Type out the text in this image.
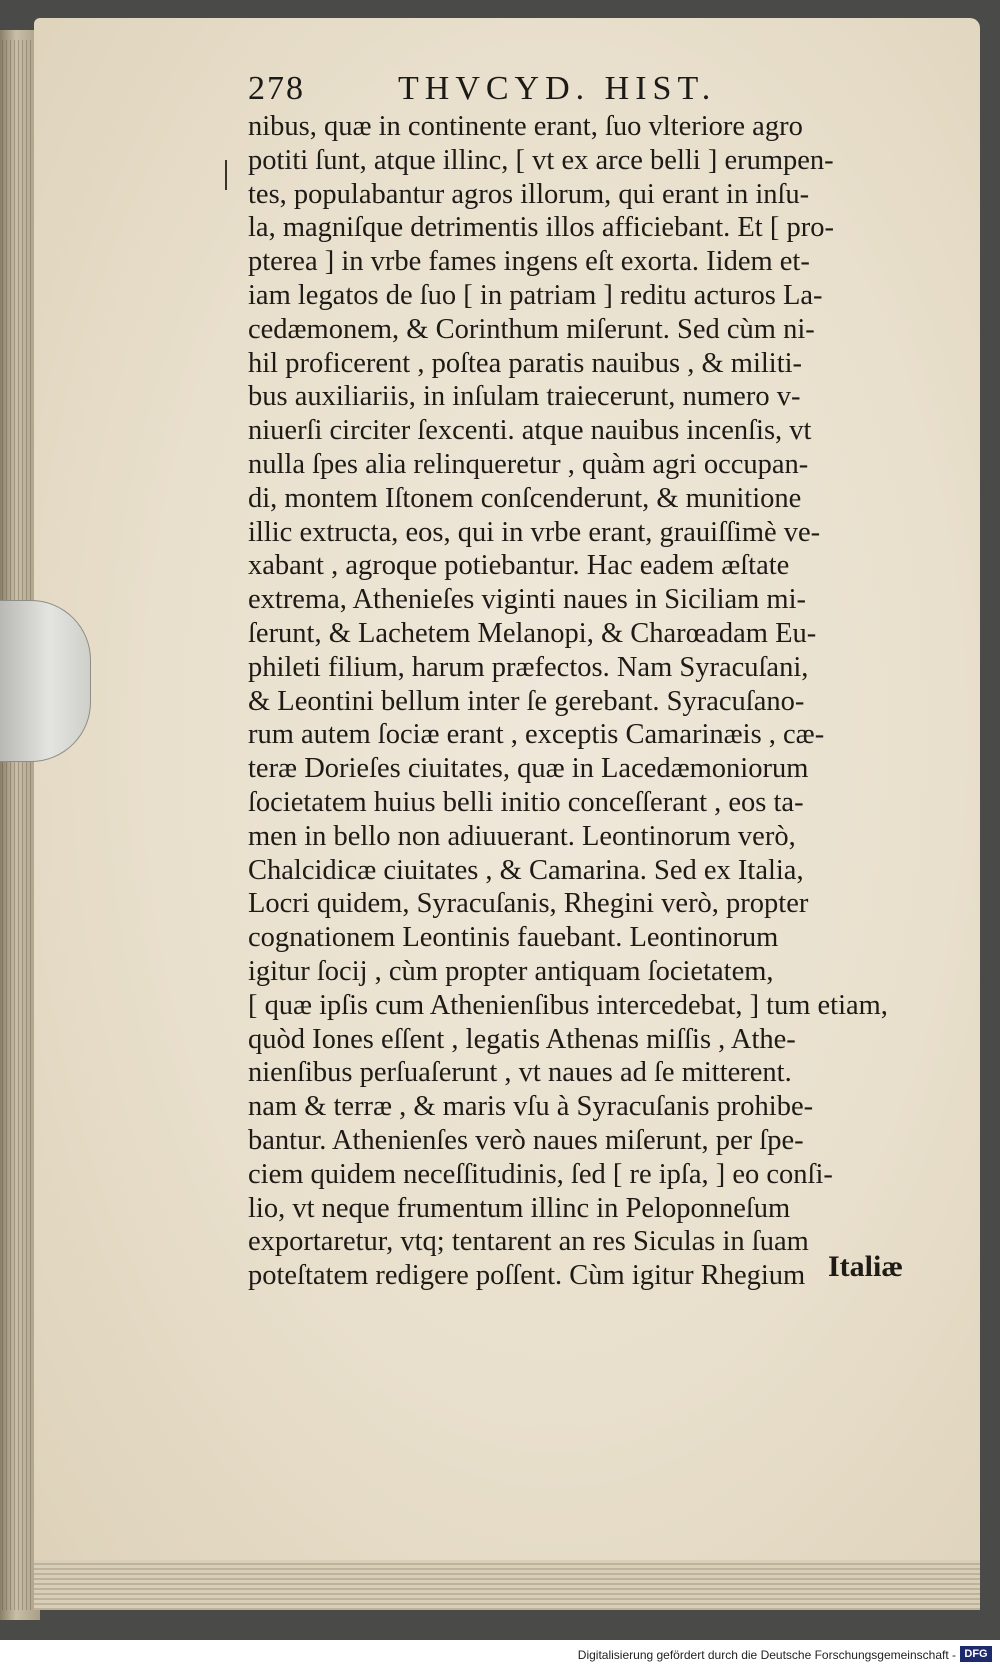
278	THVCYD. HIST.
nibus, quæ in continente erant, ſuo vlteriore agro
potiti ſunt, atque illinc, [ vt ex arce belli ] erumpen-
tes, populabantur agros illorum, qui erant in inſu-
la, magniſque detrimentis illos afficiebant. Et [ pro-
pterea ] in vrbe fames ingens eſt exorta. Iidem et-
iam legatos de ſuo [ in patriam ] reditu acturos La-
cedæmonem, & Corinthum miſerunt. Sed cùm ni-
hil proficerent , poſtea paratis nauibus , & militi-
bus auxiliariis, in inſulam traiecerunt, numero v-
niuerſi circiter ſexcenti. atque nauibus incenſis, vt
nulla ſpes alia relinqueretur , quàm agri occupan-
di, montem Iſtonem conſcenderunt, & munitione
illic extructa, eos, qui in vrbe erant, grauiſſimè ve-
xabant , agroque potiebantur. Hac eadem æſtate
extrema, Athenieſes viginti naues in Siciliam mi-
ſerunt, & Lachetem Melanopi, & Charœadam Eu-
phileti filium, harum præfectos. Nam Syracuſani,
& Leontini bellum inter ſe gerebant. Syracuſano-
rum autem ſociæ erant , exceptis Camarinæis , cæ-
teræ Dorieſes ciuitates, quæ in Lacedæmoniorum
ſocietatem huius belli initio conceſſerant , eos ta-
men in bello non adiuuerant. Leontinorum verò,
Chalcidicæ ciuitates , & Camarina. Sed ex Italia,
Locri quidem, Syracuſanis, Rhegini verò, propter
cognationem Leontinis fauebant. Leontinorum
igitur ſocij , cùm propter antiquam ſocietatem,
[ quæ ipſis cum Athenienſibus intercedebat, ] tum etiam,
quòd Iones eſſent , legatis Athenas miſſis , Athe-
nienſibus perſuaſerunt , vt naues ad ſe mitterent.
nam & terræ , & maris vſu à Syracuſanis prohibe-
bantur. Athenienſes verò naues miſerunt, per ſpe-
ciem quidem neceſſitudinis, ſed [ re ipſa, ] eo conſi-
lio, vt neque frumentum illinc in Peloponneſum
exportaretur, vtq; tentarent an res Siculas in ſuam
poteſtatem redigere poſſent. Cùm igitur Rhegium Italiæ
Digitalisierung gefördert durch die Deutsche Forschungsgemeinschaft - DFG
